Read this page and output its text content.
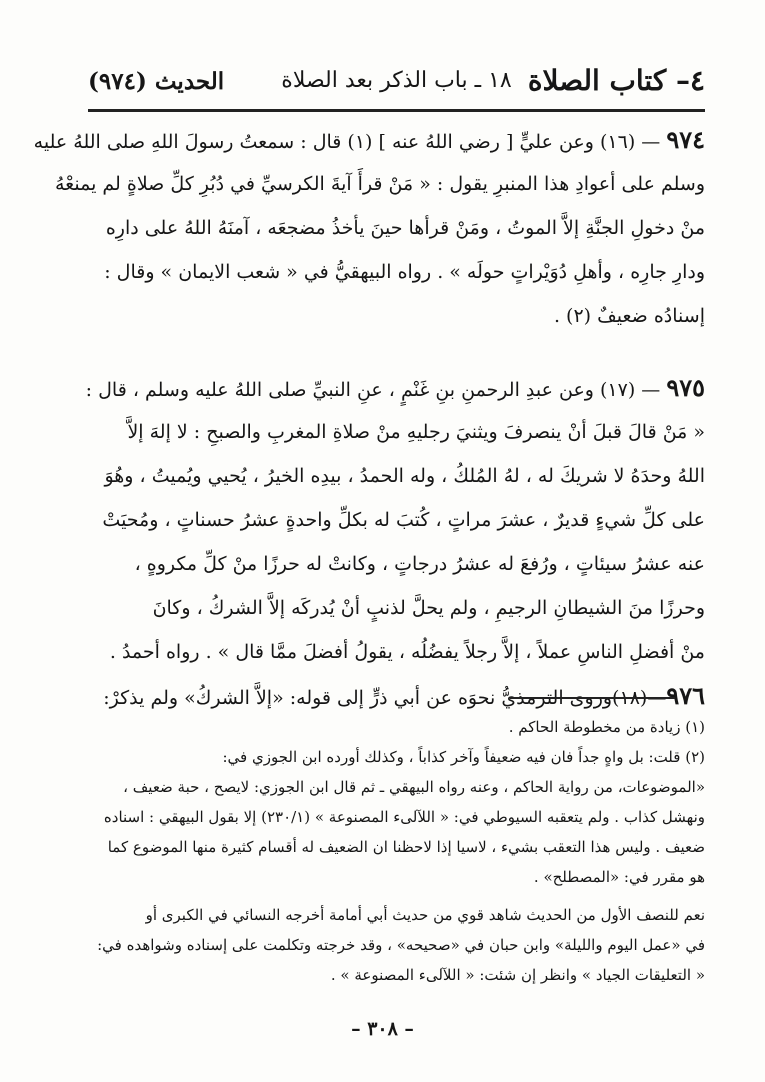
٤– كتاب الصلاة
١٨ ـ باب الذكر بعد الصلاة
الحديث (٩٧٤)
٩٧٤ — (١٦) وعن عليٍّ [ رضي اللهُ عنه ] (١) قال : سمعتُ رسولَ اللهِ صلى اللهُ عليه
وسلم على أعوادِ هذا المنبرِ يقول : « مَنْ قرأَ آيةَ الكرسيِّ في دُبُرِ كلِّ صلاةٍ لم يمنعْهُ
منْ دخولِ الجنَّةِ إلاَّ الموتُ ، ومَنْ قرأها حينَ يأخذُ مضجعَه ، آمنَهُ اللهُ على دارِه
ودارِ جارِه ، وأهلِ دُوَيْراتٍ حولَه » . رواه البيهقيُّ في « شعب الايمان » وقال :
إسنادُه ضعيفٌ (٢) .
٩٧٥ — (١٧) وعن عبدِ الرحمنِ بنِ غَنْمٍ ، عنِ النبيِّ صلى اللهُ عليه وسلم ، قال :
« مَنْ قالَ قبلَ أنْ ينصرفَ ويثنيَ رجليهِ منْ صلاةِ المغربِ والصبحِ : لا إلهَ إلاَّ
اللهُ وحدَهُ لا شريكَ له ، لهُ المُلكُ ، وله الحمدُ ، بيدِه الخيرُ ، يُحيي ويُميتُ ، وهُوَ
على كلِّ شيءٍ قديرٌ ، عشرَ مراتٍ ، كُتبَ له بكلِّ واحدةٍ عشرُ حسناتٍ ، ومُحيَتْ
عنه عشرُ سيئاتٍ ، ورُفعَ له عشرُ درجاتٍ ، وكانتْ له حرزًا منْ كلِّ مكروهٍ ،
وحرزًا منَ الشيطانِ الرجيمِ ، ولم يحلَّ لذنبٍ أنْ يُدركَه إلاَّ الشركُ ، وكانَ
منْ أفضلِ الناسِ عملاً ، إلاَّ رجلاً يفضُلُه ، يقولُ أفضلَ ممَّا قال » . رواه أحمدُ .
٩٧٦—(١٨)وروى الترمذيُّ نحوَه عن أبي ذرٍّ إلى قوله: «إلاَّ الشركُ» ولم يذكرْ:
(١) زيادة من مخطوطة الحاكم .
(٢) قلت: بل واهٍ جداً فان فيه ضعيفاً وآخر كذاباً ، وكذلك أورده ابن الجوزي في:
«الموضوعات، من رواية الحاكم ، وعنه رواه البيهقي ـ ثم قال ابن الجوزي: لايصح ، حبة ضعيف ،
ونهشل كذاب . ولم يتعقبه السيوطي في: « اللآلىء المصنوعة » (٢٣٠/١) إلا بقول البيهقي : اسناده
ضعيف . وليس هذا التعقب بشيء ، لاسيا إذا لاحظنا ان الضعيف له أقسام كثيرة منها الموضوع كما
هو مقرر في: «المصطلح» .
نعم للنصف الأول من الحديث شاهد قوي من حديث أبي أمامة أخرجه النسائي في الكبرى أو
في «عمل اليوم والليلة» وابن حبان في «صحيحه» ، وقد خرجته وتكلمت على إسناده وشواهده في:
« التعليقات الجياد » وانظر إن شئت: « اللآلىء المصنوعة » .
– ٣٠٨ –
